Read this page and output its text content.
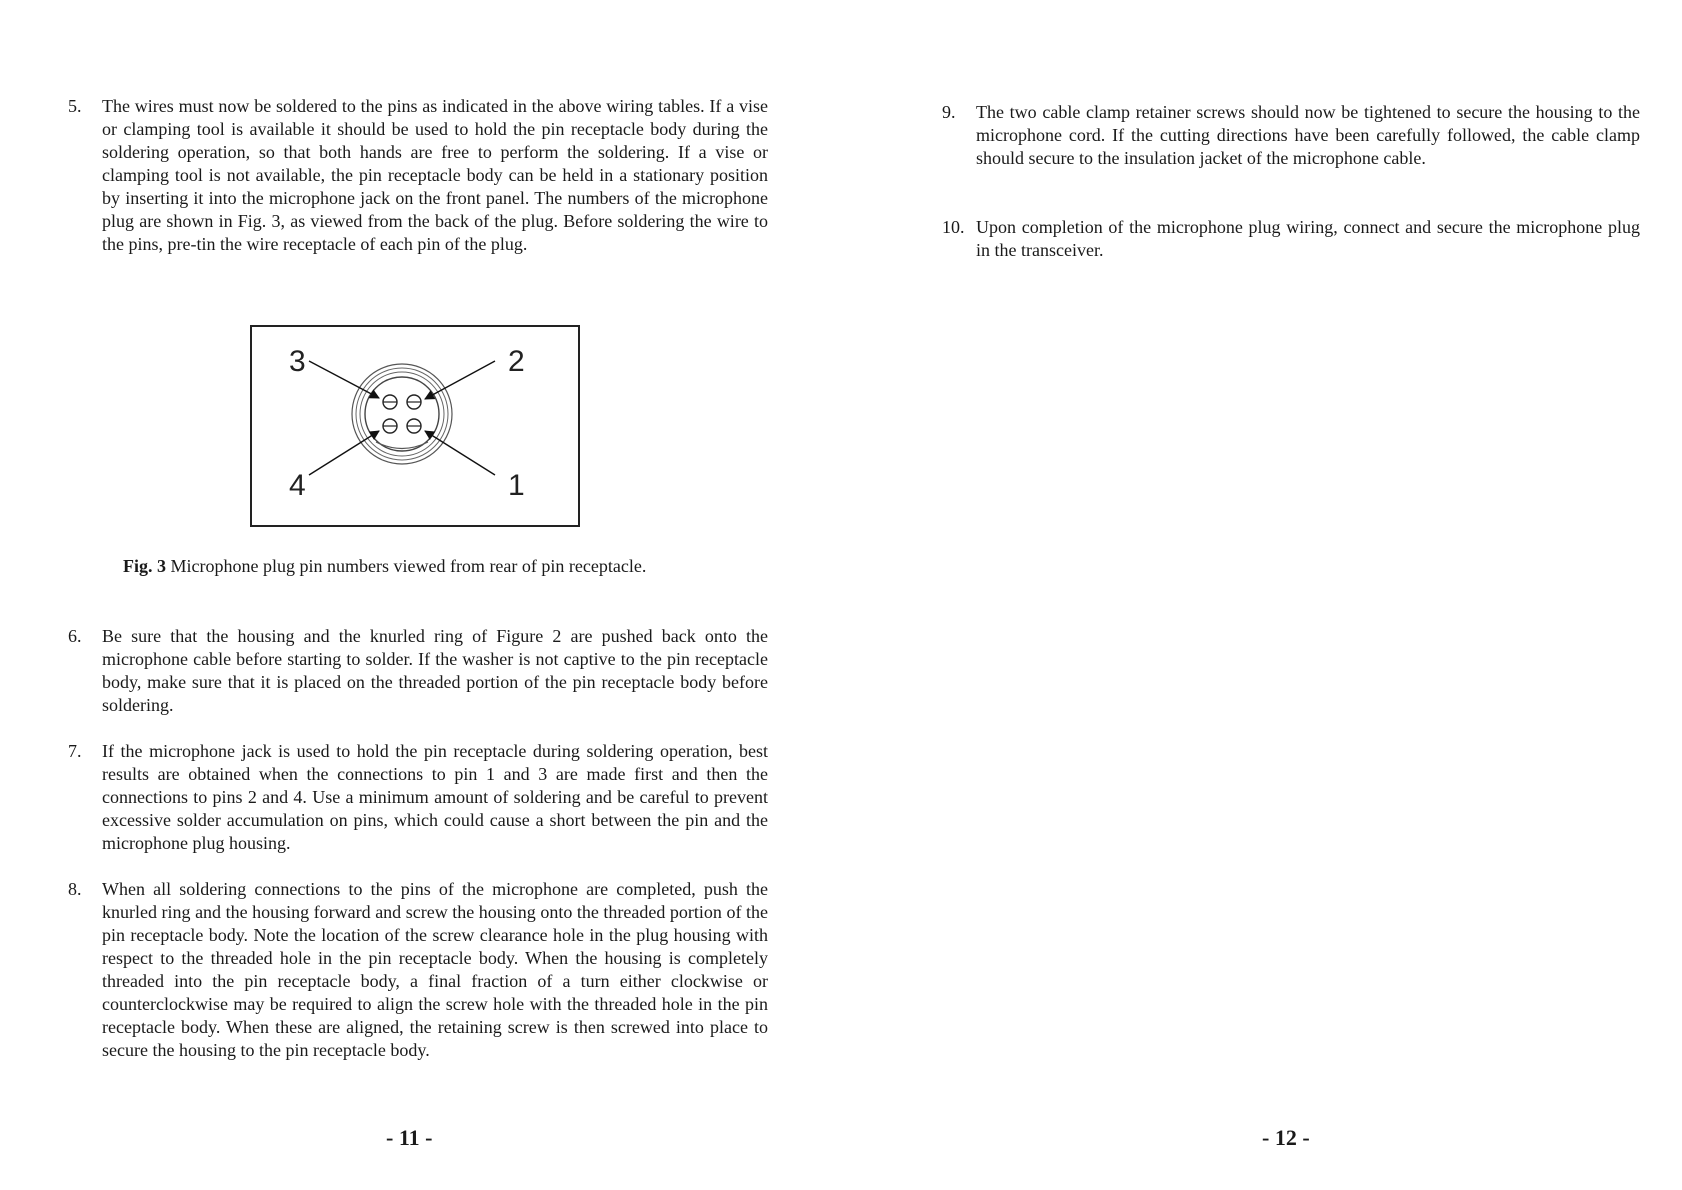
5.	The wires must now be soldered to the pins as indicated in the above wiring tables. If a vise or clamping tool is available it should be used to hold the pin receptacle body during the soldering operation, so that both hands are free to perform the soldering. If a vise or clamping tool is not available, the pin receptacle body can be held in a stationary position by inserting it into the microphone jack on the front panel. The numbers of the microphone plug are shown in Fig. 3, as viewed from the back of the plug. Before soldering the wire to the pins, pre-tin the wire receptacle of each pin of the plug.
3	2
4	1
Fig. 3 Microphone plug pin numbers viewed from rear of pin receptacle.
6.	Be sure that the housing and the knurled ring of Figure 2 are pushed back onto the microphone cable before starting to solder. If the washer is not captive to the pin receptacle body, make sure that it is placed on the threaded portion of the pin receptacle body before soldering.
7.	If the microphone jack is used to hold the pin receptacle during soldering operation, best results are obtained when the connections to pin 1 and 3 are made first and then the connections to pins 2 and 4. Use a minimum amount of soldering and be careful to prevent excessive solder accumulation on pins, which could cause a short between the pin and the microphone plug housing.
8.	When all soldering connections to the pins of the microphone are completed, push the knurled ring and the housing forward and screw the housing onto the threaded portion of the pin receptacle body. Note the location of the screw clearance hole in the plug housing with respect to the threaded hole in the pin receptacle body. When the housing is completely threaded into the pin receptacle body, a final fraction of a turn either clockwise or counterclockwise may be required to align the screw hole with the threaded hole in the pin receptacle body. When these are aligned, the retaining screw is then screwed into place to secure the housing to the pin receptacle body.
- 11 -
9.	The two cable clamp retainer screws should now be tightened to secure the housing to the microphone cord. If the cutting directions have been carefully followed, the cable clamp should secure to the insulation jacket of the microphone cable.
10. Upon completion of the microphone plug wiring, connect and secure the microphone plug in the transceiver.
- 12 -
